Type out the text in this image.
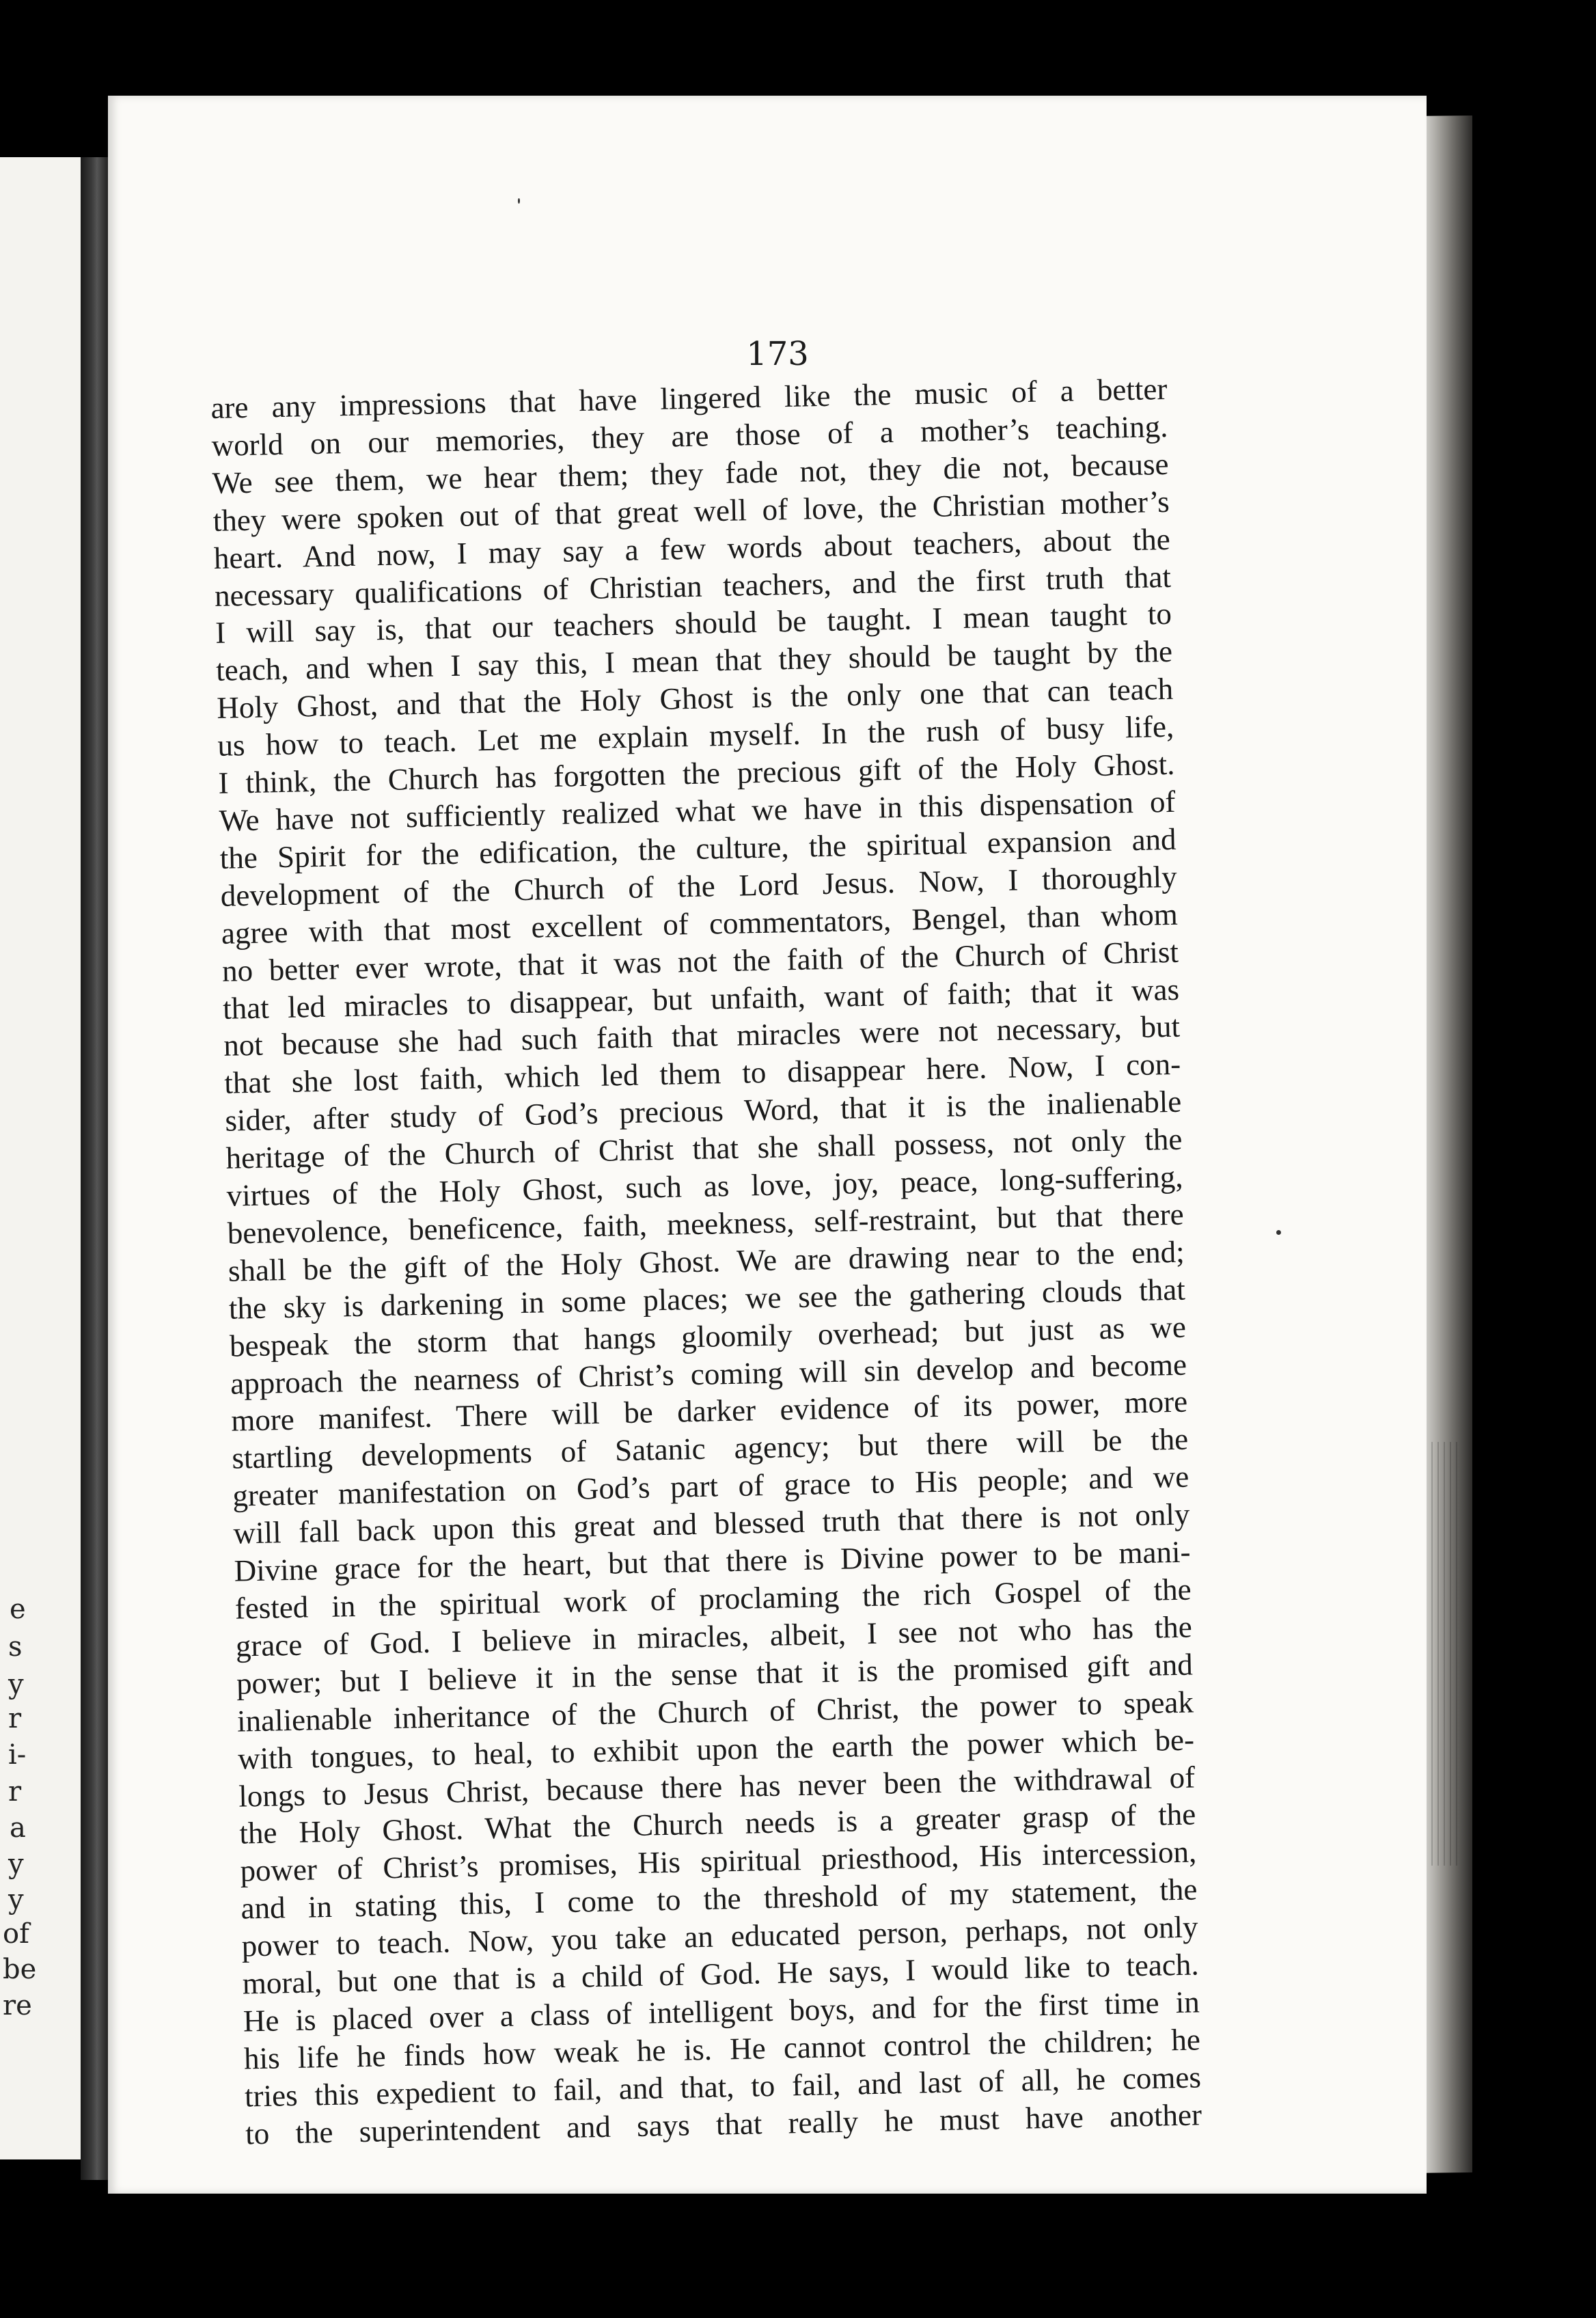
e
s
y
r
i-
r
a
y
y
of
be
re
173
are any impressions that have lingered like the music of a better
world on our memories, they are those of a mother’s teaching.
We see them, we hear them; they fade not, they die not, because
they were spoken out of that great well of love, the Christian mother’s
heart. And now, I may say a few words about teachers, about the
necessary qualifications of Christian teachers, and the first truth that
I will say is, that our teachers should be taught. I mean taught to
teach, and when I say this, I mean that they should be taught by the
Holy Ghost, and that the Holy Ghost is the only one that can teach
us how to teach. Let me explain myself. In the rush of busy life,
I think, the Church has forgotten the precious gift of the Holy Ghost.
We have not sufficiently realized what we have in this dispensation of
the Spirit for the edification, the culture, the spiritual expansion and
development of the Church of the Lord Jesus. Now, I thoroughly
agree with that most excellent of commentators, Bengel, than whom
no better ever wrote, that it was not the faith of the Church of Christ
that led miracles to disappear, but unfaith, want of faith; that it was
not because she had such faith that miracles were not necessary, but
that she lost faith, which led them to disappear here. Now, I con-
sider, after study of God’s precious Word, that it is the inalienable
heritage of the Church of Christ that she shall possess, not only the
virtues of the Holy Ghost, such as love, joy, peace, long-suffering,
benevolence, beneficence, faith, meekness, self-restraint, but that there
shall be the gift of the Holy Ghost. We are drawing near to the end;
the sky is darkening in some places; we see the gathering clouds that
bespeak the storm that hangs gloomily overhead; but just as we
approach the nearness of Christ’s coming will sin develop and become
more manifest. There will be darker evidence of its power, more
startling developments of Satanic agency; but there will be the
greater manifestation on God’s part of grace to His people; and we
will fall back upon this great and blessed truth that there is not only
Divine grace for the heart, but that there is Divine power to be mani-
fested in the spiritual work of proclaming the rich Gospel of the
grace of God. I believe in miracles, albeit, I see not who has the
power; but I believe it in the sense that it is the promised gift and
inalienable inheritance of the Church of Christ, the power to speak
with tongues, to heal, to exhibit upon the earth the power which be-
longs to Jesus Christ, because there has never been the withdrawal of
the Holy Ghost. What the Church needs is a greater grasp of the
power of Christ’s promises, His spiritual priesthood, His intercession,
and in stating this, I come to the threshold of my statement, the
power to teach. Now, you take an educated person, perhaps, not only
moral, but one that is a child of God. He says, I would like to teach.
He is placed over a class of intelligent boys, and for the first time in
his life he finds how weak he is. He cannot control the children; he
tries this expedient to fail, and that, to fail, and last of all, he comes
to the superintendent and says that really he must have another
